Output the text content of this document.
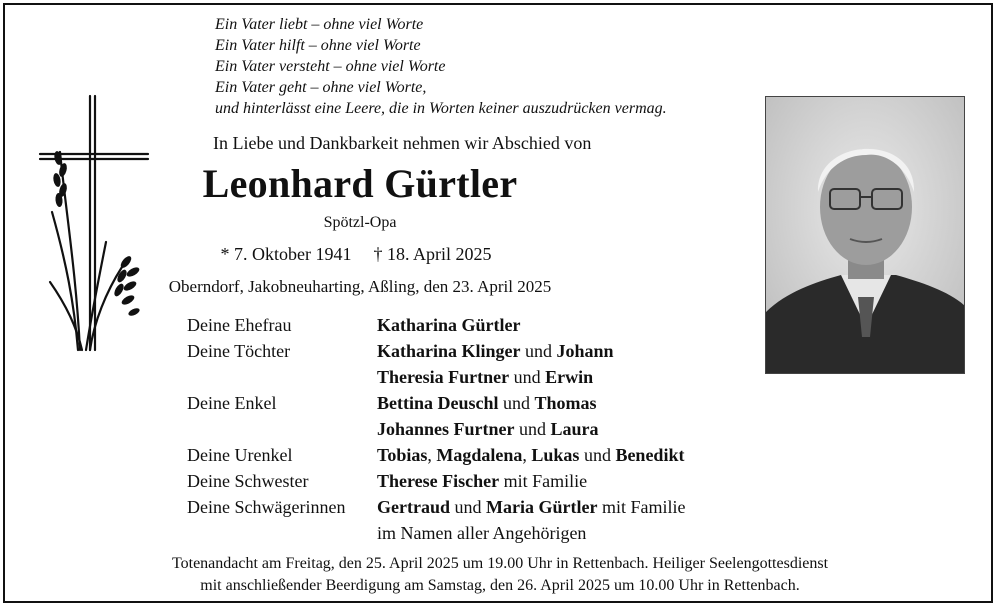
Ein Vater liebt – ohne viel Worte
Ein Vater hilft – ohne viel Worte
Ein Vater versteht – ohne viel Worte
Ein Vater geht – ohne viel Worte,
und hinterlässt eine Leere, die in Worten keiner auszudrücken vermag.
In Liebe und Dankbarkeit nehmen wir Abschied von
Leonhard Gürtler
Spötzl-Opa
* 7. Oktober 1941 † 18. April 2025
Oberndorf, Jakobneuharting, Aßling, den 23. April 2025
Deine Ehefrau	Katharina Gürtler
Deine Töchter	Katharina Klinger und Johann
	Theresia Furtner und Erwin
Deine Enkel	Bettina Deuschl und Thomas
	Johannes Furtner und Laura
Deine Urenkel	Tobias, Magdalena, Lukas und Benedikt
Deine Schwester	Therese Fischer mit Familie
Deine Schwägerinnen	Gertraud und Maria Gürtler mit Familie
	im Namen aller Angehörigen
Totenandacht am Freitag, den 25. April 2025 um 19.00 Uhr in Rettenbach. Heiliger Seelengottesdienst
mit anschließender Beerdigung am Samstag, den 26. April 2025 um 10.00 Uhr in Rettenbach.
